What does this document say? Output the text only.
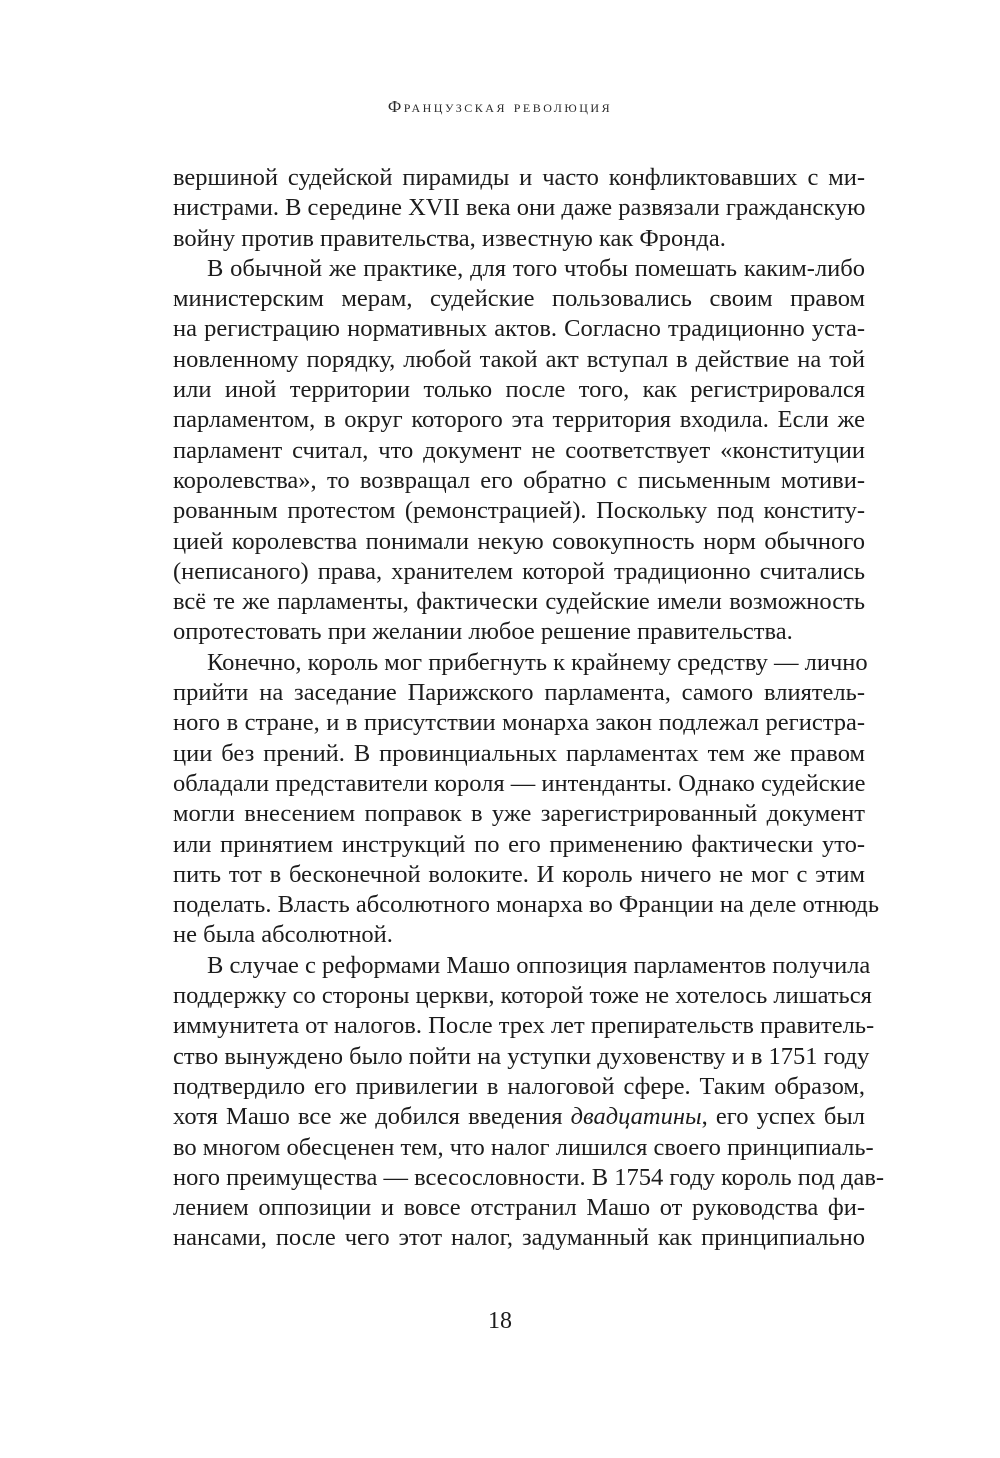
Французская революция
вершиной судейской пирамиды и часто конфликтовавших с ми-
нистрами. В середине XVII века они даже развязали гражданскую
войну против правительства, известную как Фронда.
В обычной же практике, для того чтобы помешать каким-либо
министерским мерам, судейские пользовались своим правом
на регистрацию нормативных актов. Согласно традиционно уста-
новленному порядку, любой такой акт вступал в действие на той
или иной территории только после того, как регистрировался
парламентом, в округ которого эта территория входила. Если же
парламент считал, что документ не соответствует «конституции
королевства», то возвращал его обратно с письменным мотиви-
рованным протестом (ремонстрацией). Поскольку под конститу-
цией королевства понимали некую совокупность норм обычного
(неписаного) права, хранителем которой традиционно считались
всё те же парламенты, фактически судейские имели возможность
опротестовать при желании любое решение правительства.
Конечно, король мог прибегнуть к крайнему средству — лично
прийти на заседание Парижского парламента, самого влиятель-
ного в стране, и в присутствии монарха закон подлежал регистра-
ции без прений. В провинциальных парламентах тем же правом
обладали представители короля — интенданты. Однако судейские
могли внесением поправок в уже зарегистрированный документ
или принятием инструкций по его применению фактически уто-
пить тот в бесконечной волоките. И король ничего не мог с этим
поделать. Власть абсолютного монарха во Франции на деле отнюдь
не была абсолютной.
В случае с реформами Машо оппозиция парламентов получила
поддержку со стороны церкви, которой тоже не хотелось лишаться
иммунитета от налогов. После трех лет препирательств правитель-
ство вынуждено было пойти на уступки духовенству и в 1751 году
подтвердило его привилегии в налоговой сфере. Таким образом,
хотя Машо все же добился введения двадцатины, его успех был
во многом обесценен тем, что налог лишился своего принципиаль-
ного преимущества — всесословности. В 1754 году король под дав-
лением оппозиции и вовсе отстранил Машо от руководства фи-
нансами, после чего этот налог, задуманный как принципиально
18
